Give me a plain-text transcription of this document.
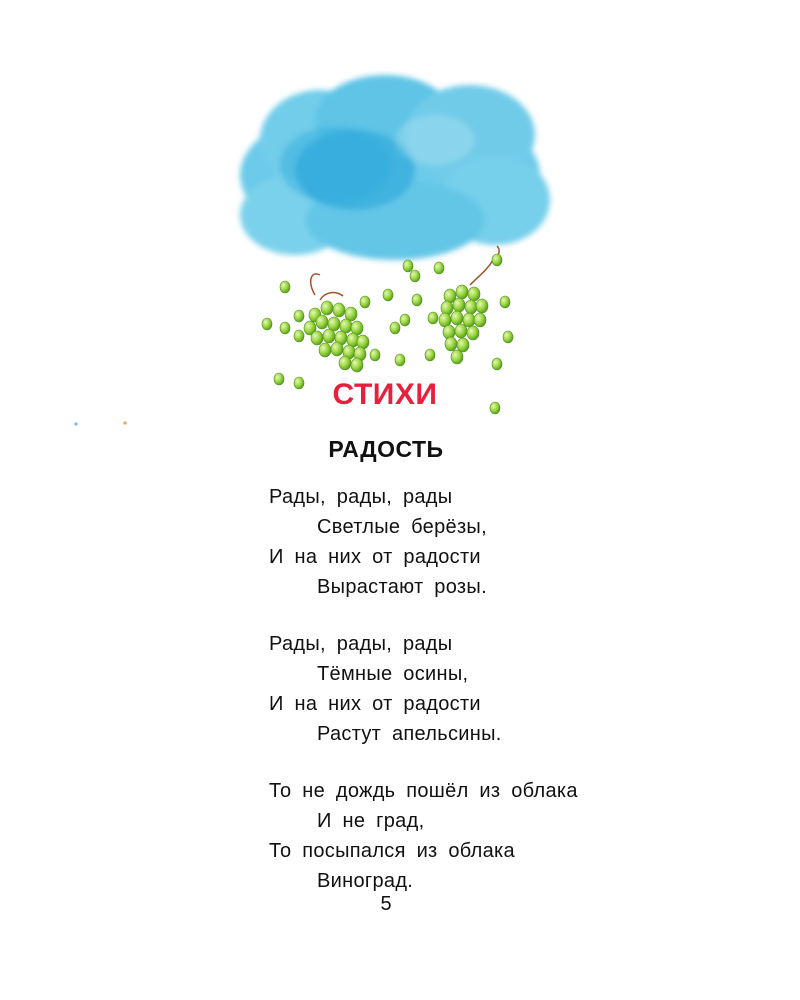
СТИХИ
РАДОСТЬ
Рады, рады, рады
Светлые берёзы,
И на них от радости
Вырастают розы.
Рады, рады, рады
Тёмные осины,
И на них от радости
Растут апельсины.
То не дождь пошёл из облака
И не град,
То посыпался из облака
Виноград.
5
